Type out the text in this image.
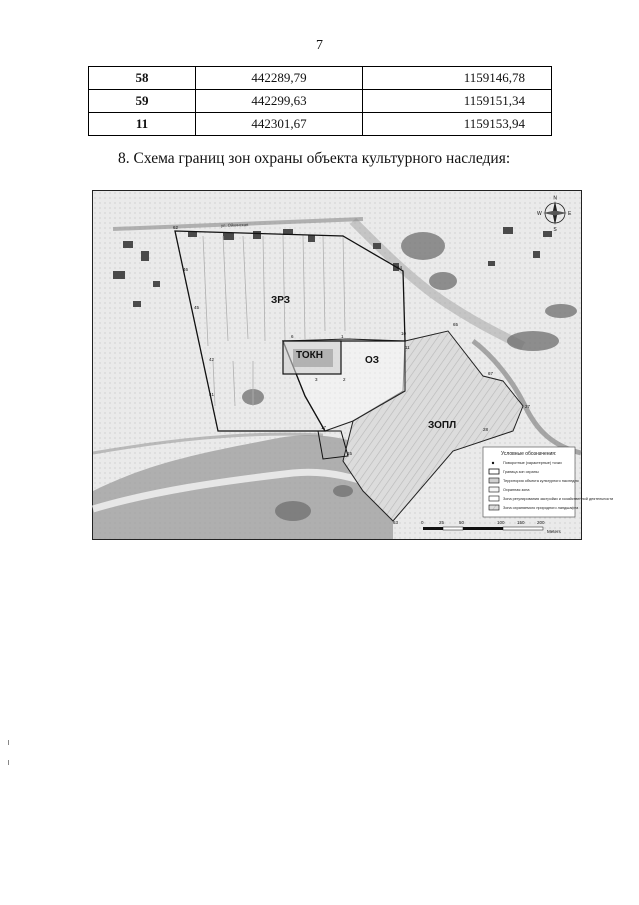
7
58	442289,79	1159146,78
59	442299,63	1159151,34
11	442301,67	1159153,94
8. Схема границ зон охраны объекта культурного наследия:
ЗРЗ
ТОКН	ОЗ
ЗОПЛ
ул. Ойкинская
62
64
10
11
1
2
3
6
41
42
45
46
27
28
63
17
15
65
67
N
S
E
W
Условные обозначения:
Поворотные (характерные) точки
Граница зон охраны
Территория объекта культурного наследия
Охранная зона
Зона регулирования застройки и хозяйственной деятельности
Зона охраняемого природного ландшафта
0	25	50	100	150	200
Meters
